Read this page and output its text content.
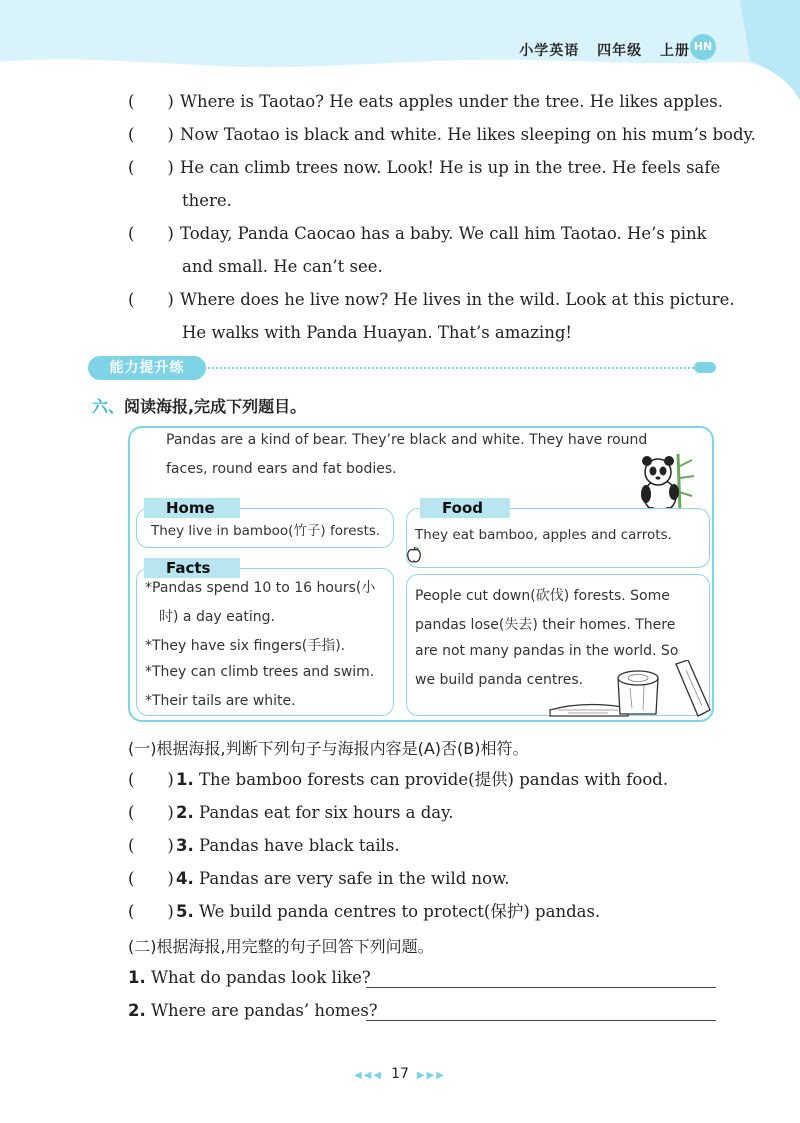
小学英语 四年级 上册 HN
(　　) Where is Taotao? He eats apples under the tree. He likes apples.
(　　) Now Taotao is black and white. He likes sleeping on his mum’s body.
(　　) He can climb trees now. Look! He is up in the tree. He feels safe
there.
(　　) Today, Panda Caocao has a baby. We call him Taotao. He’s pink
and small. He can’t see.
(　　) Where does he live now? He lives in the wild. Look at this picture.
He walks with Panda Huayan. That’s amazing!
能力提升练
六、阅读海报,完成下列题目。
Pandas are a kind of bear. They’re black and white. They have round
faces, round ears and fat bodies.
They live in bamboo(竹子) forests.
Home
They eat bamboo, apples and carrots.
Food
*Pandas spend 10 to 16 hours(小
时) a day eating.
*They have six fingers(手指).
*They can climb trees and swim.
*Their tails are white.
Facts
People cut down(砍伐) forests. Some
pandas lose(失去) their homes. There
are not many pandas in the world. So
we build panda centres.
(一)根据海报,判断下列句子与海报内容是(A)否(B)相符。
(　　) 1. The bamboo forests can provide(提供) pandas with food.
(　　) 2. Pandas eat for six hours a day.
(　　) 3. Pandas have black tails.
(　　) 4. Pandas are very safe in the wild now.
(　　) 5. We build panda centres to protect(保护) pandas.
(二)根据海报,用完整的句子回答下列问题。
1. What do pandas look like?
2. Where are pandas’ homes?
◀◀◀ 17 ▶▶▶
